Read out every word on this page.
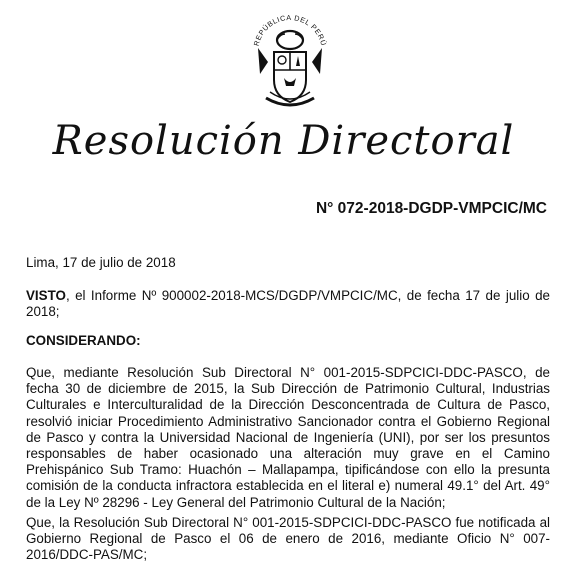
REPÚBLICA DEL PERÚ
Resolución Directoral
N° 072-2018-DGDP-VMPCIC/MC
Lima, 17 de julio de 2018
VISTO, el Informe Nº 900002-2018-MCS/DGDP/VMPCIC/MC, de fecha 17 de julio de 2018;
CONSIDERANDO:
Que, mediante Resolución Sub Directoral N° 001-2015-SDPCICI-DDC-PASCO, de fecha 30 de diciembre de 2015, la Sub Dirección de Patrimonio Cultural, Industrias Culturales e Interculturalidad de la Dirección Desconcentrada de Cultura de Pasco, resolvió iniciar Procedimiento Administrativo Sancionador contra el Gobierno Regional de Pasco y contra la Universidad Nacional de Ingeniería (UNI), por ser los presuntos responsables de haber ocasionado una alteración muy grave en el Camino Prehispánico Sub Tramo: Huachón – Mallapampa, tipificándose con ello la presunta comisión de la conducta infractora establecida en el literal e) numeral 49.1° del Art. 49° de la Ley Nº 28296 - Ley General del Patrimonio Cultural de la Nación;
Que, la Resolución Sub Directoral N° 001-2015-SDPCICI-DDC-PASCO fue notificada al Gobierno Regional de Pasco el 06 de enero de 2016, mediante Oficio N° 007-2016/DDC-PAS/MC;
